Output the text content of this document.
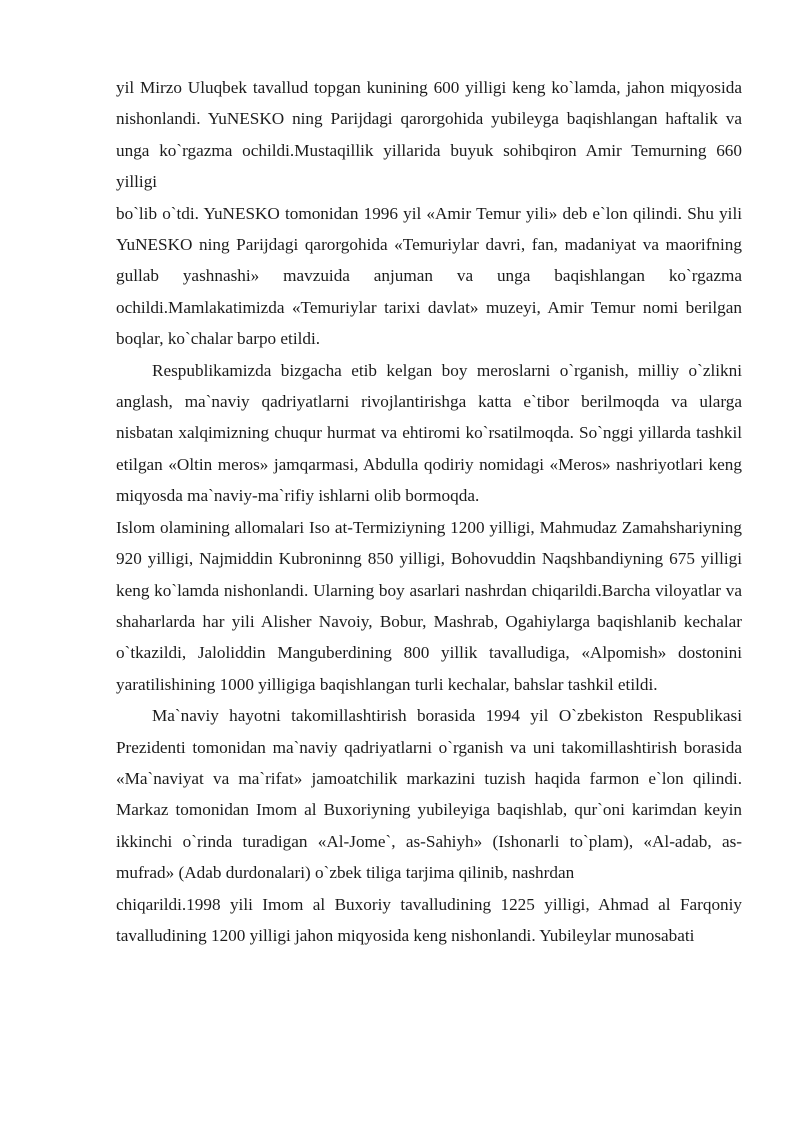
yil Mirzo Uluqbek tavallud topgan kunining 600 yilligi keng ko`lamda, jahon miqyosida nishonlandi. YuNESKO ning Parijdagi qarorgohida yubileyga baqishlangan haftalik va unga ko`rgazma ochildi.Mustaqillik yillarida buyuk sohibqiron Amir Temurning 660 yilligi

bo`lib o`tdi. YuNESKO tomonidan 1996 yil «Amir Temur yili» deb e`lon qilindi. Shu yili YuNESKO ning Parijdagi qarorgohida «Temuriylar davri, fan, madaniyat va maorifning gullab yashnashi» mavzuida anjuman va unga baqishlangan ko`rgazma ochildi.Mamlakatimizda «Temuriylar tarixi davlat» muzeyi, Amir Temur nomi berilgan boqlar, ko`chalar barpo etildi.

Respublikamizda bizgacha etib kelgan boy meroslarni o`rganish, milliy o`zlikni anglash, ma`naviy qadriyatlarni rivojlantirishga katta e`tibor berilmoqda va ularga nisbatan xalqimizning chuqur hurmat va ehtiromi ko`rsatilmoqda. So`nggi yillarda tashkil etilgan «Oltin meros» jamqarmasi, Abdulla qodiriy nomidagi «Meros» nashriyotlari keng miqyosda ma`naviy-ma`rifiy ishlarni olib bormoqda.

Islom olamining allomalari Iso at-Termiziyning 1200 yilligi, Mahmudaz Zamahshariyning 920 yilligi, Najmiddin Kubroninng 850 yilligi, Bohovuddin Naqshbandiyning 675 yilligi keng ko`lamda nishonlandi. Ularning boy asarlari nashrdan chiqarildi.Barcha viloyatlar va shaharlarda har yili Alisher Navoiy, Bobur, Mashrab, Ogahiylarga baqishlanib kechalar o`tkazildi, Jaloliddin Manguberdining 800 yillik tavalludiga, «Alpomish» dostonini yaratilishining 1000 yilligiga baqishlangan turli kechalar, bahslar tashkil etildi.

Ma`naviy hayotni takomillashtirish borasida 1994 yil O`zbekiston Respublikasi Prezidenti tomonidan ma`naviy qadriyatlarni o`rganish va uni takomillashtirish borasida «Ma`naviyat va ma`rifat» jamoatchilik markazini tuzish haqida farmon e`lon qilindi. Markaz tomonidan Imom al Buxoriyning yubileyiga baqishlab, qur`oni karimdan keyin ikkinchi o`rinda turadigan «Al-Jome`, as-Sahiyh» (Ishonarli to`plam), «Al-adab, as-mufrad» (Adab durdonalari) o`zbek tiliga tarjima qilinib, nashrdan

chiqarildi.1998 yili Imom al Buxoriy tavalludining 1225 yilligi, Ahmad al Farqoniy tavalludining 1200 yilligi jahon miqyosida keng nishonlandi. Yubileylar munosabati
